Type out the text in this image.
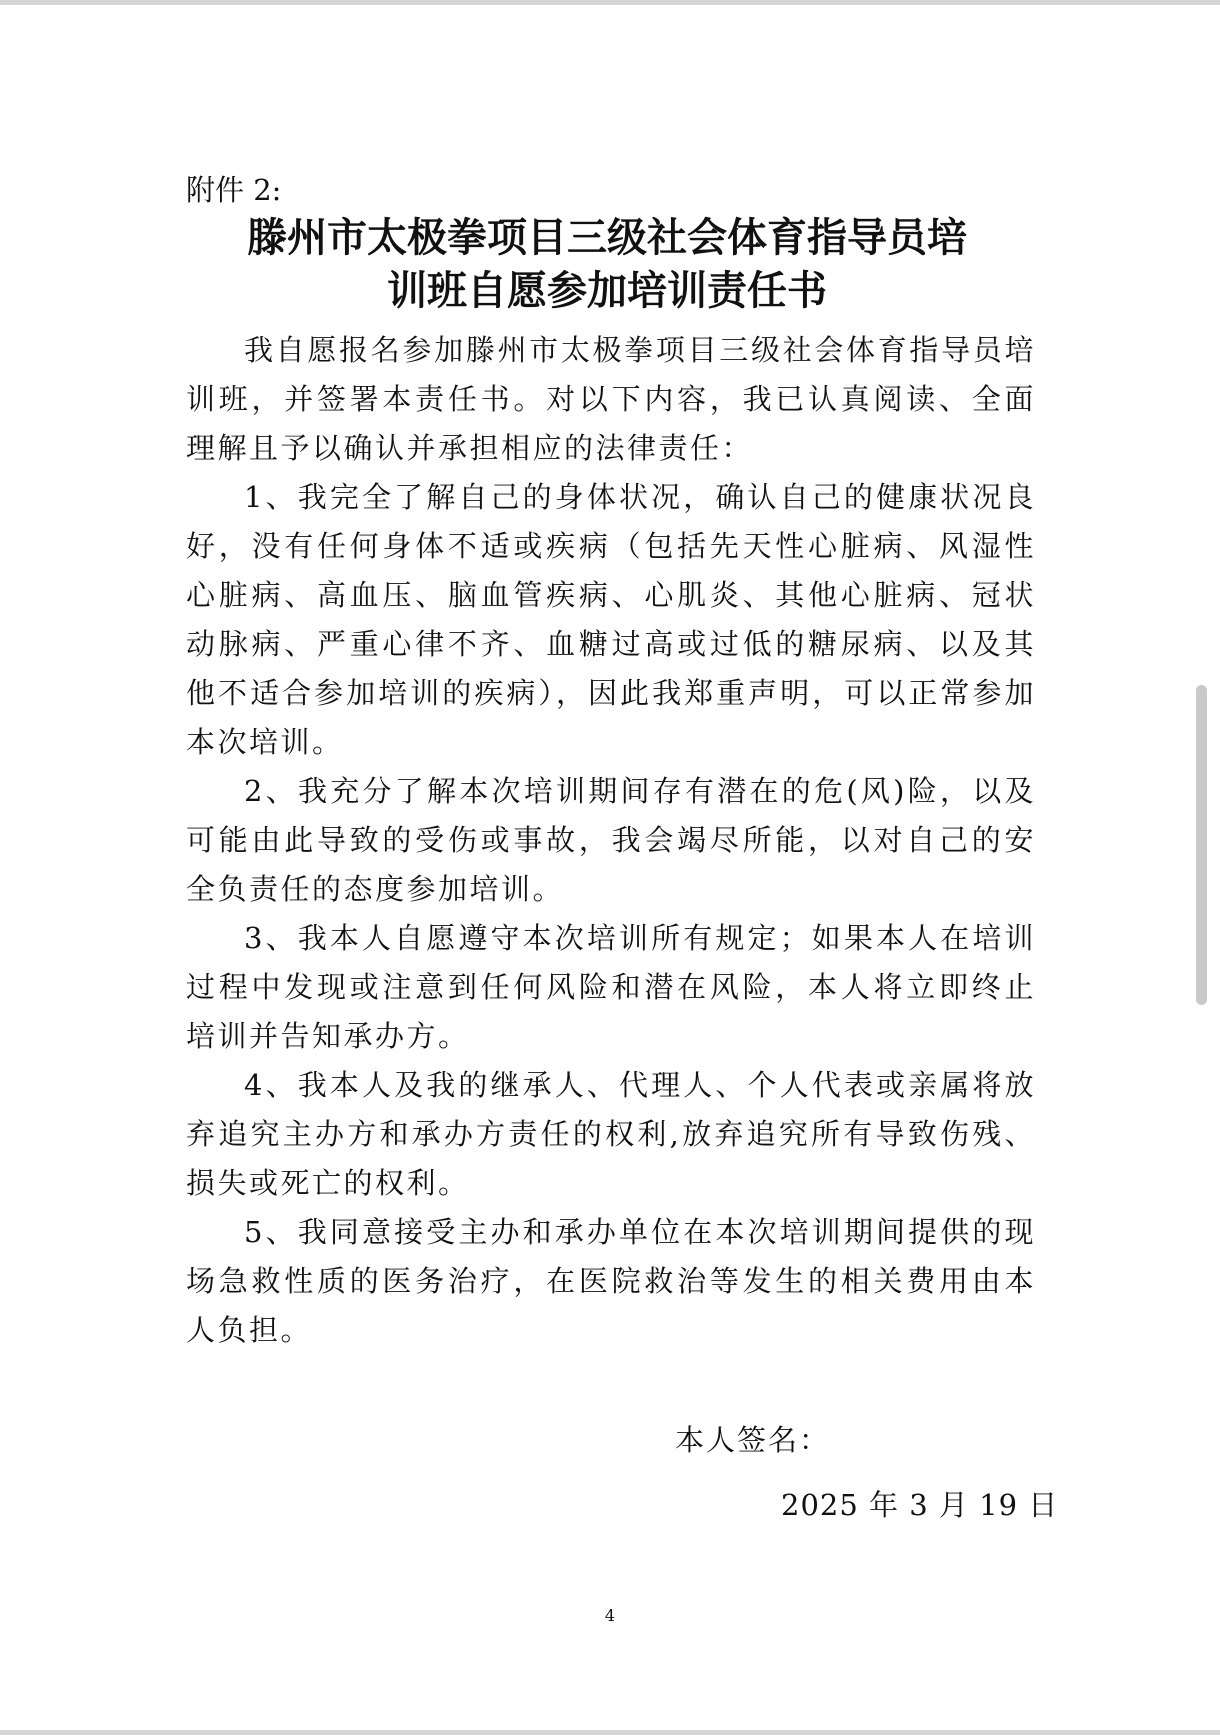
附件 2:
滕州市太极拳项目三级社会体育指导员培
训班自愿参加培训责任书

我自愿报名参加滕州市太极拳项目三级社会体育指导员培训班，并签署本责任书。对以下内容，我已认真阅读、全面理解且予以确认并承担相应的法律责任：

1、我完全了解自己的身体状况，确认自己的健康状况良好，没有任何身体不适或疾病（包括先天性心脏病、风湿性心脏病、高血压、脑血管疾病、心肌炎、其他心脏病、冠状动脉病、严重心律不齐、血糖过高或过低的糖尿病、以及其他不适合参加培训的疾病），因此我郑重声明，可以正常参加本次培训。

2、我充分了解本次培训期间存有潜在的危(风)险，以及可能由此导致的受伤或事故，我会竭尽所能，以对自己的安全负责任的态度参加培训。

3、我本人自愿遵守本次培训所有规定；如果本人在培训过程中发现或注意到任何风险和潜在风险，本人将立即终止培训并告知承办方。

4、我本人及我的继承人、代理人、个人代表或亲属将放弃追究主办方和承办方责任的权利,放弃追究所有导致伤残、损失或死亡的权利。

5、我同意接受主办和承办单位在本次培训期间提供的现场急救性质的医务治疗，在医院救治等发生的相关费用由本人负担。

本人签名：
2025 年 3 月 19 日
4
